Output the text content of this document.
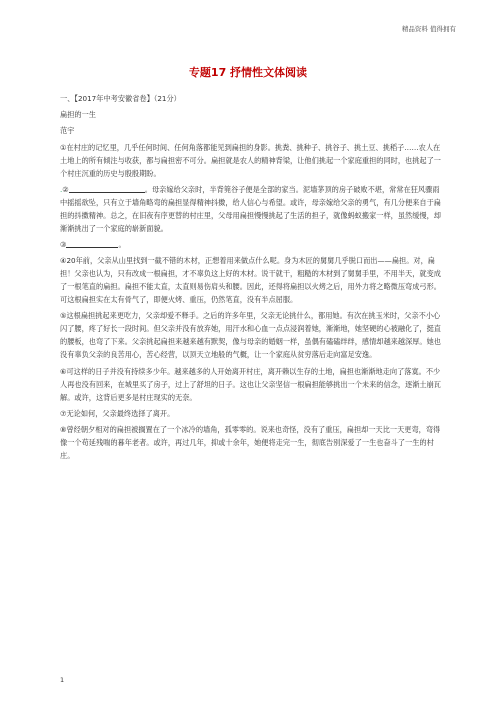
精品资料 值得拥有
专题17 抒情性文体阅读

一、【2017年中考安徽省卷】（21分）

扁担的一生

范宇

①在村庄的记忆里，几乎任何时间、任何角落都能见到扁担的身影。挑粪、挑种子、挑谷子、挑土豆、挑稻子……农人在土地上的所有倾注与收获，都与扁担密不可分。扁担就是农人的精神背梁，让他们挑起一个家庭重担的同时，也挑起了一个村庄沉重的历史与殷殷期盼。

.②	。母亲嫁给父亲时，半背篼谷子便是全部的家当。泥墙茅顶的房子破败不堪，常常在狂风骤雨中摇摇欲坠，只有立于墙角略弯的扁担显得精神抖擞，给人信心与希望。或许，母亲嫁给父亲的勇气，有几分便来自于扁担的抖擞精神。总之，在旧夜有序更替的村庄里，父母用扁担慢慢挑起了生活的担子，就像蚂蚁搬家一样，虽然缓慢，却渐渐挑出了一个家庭的崭新面貌。

③	。

④20年前，父亲从山里找到一截不错的木材，正想着用来做点什么呢。身为木匠的舅舅几乎脱口而出——扁担。对，扁担！父亲也认为，只有改成一根扁担，才不辜负这上好的木材。说干就干，粗糙的木材到了舅舅手里，不用半天，就变成了一根笔直的扁担。扁担不能太直，太直则易伤肩头和腰。因此，还得将扁担以火烤之后，用外力将之略微压弯成弓形。可这根扁担实在太有骨气了，即便火烤、重压，仍然笔直，没有半点屈服。

⑤这根扁担挑起来更吃力，父亲却爱不释手。之后的许多年里，父亲无论挑什么，都用她。有次在挑玉米时，父亲不小心闪了腰，疼了好长一段时间。但父亲并没有放弃她，用汗水和心血一点点浸润着她，渐渐地，她坚硬的心被融化了，挺直的腰板，也弯了下来。父亲挑起扁担来越来越有默契，像与母亲的婚姻一样，虽偶有磕磕绊绊，感情却越来越深厚。她也没有辜负父亲的良苦用心，苦心经营，以顶天立地般的气概，让一个家庭从贫穷落后走向富足安逸。

⑥可这样的日子并没有持续多少年。越来越多的人开始离开村庄，离开赖以生存的土地，扁担也渐渐地走向了落寞。不少人再也没有回来，在城里买了房子，过上了舒坦的日子。这也让父亲坚信一根扁担能够挑出一个未来的信念，逐渐土崩瓦解。或许，这背后更多是村庄现实的无奈。

⑦无论如何，父亲最终选择了离开。

⑧曾经朝夕相对的扁担被搁置在了一个冰冷的墙角，孤零零的。说来也奇怪，没有了重压，扁担却一天比一天更弯，弯得像一个苟延残喘的暮年老者。或许，再过几年，抑或十余年，她便将走完一生，彻底告别深爱了一生也奋斗了一生的村庄。

1
